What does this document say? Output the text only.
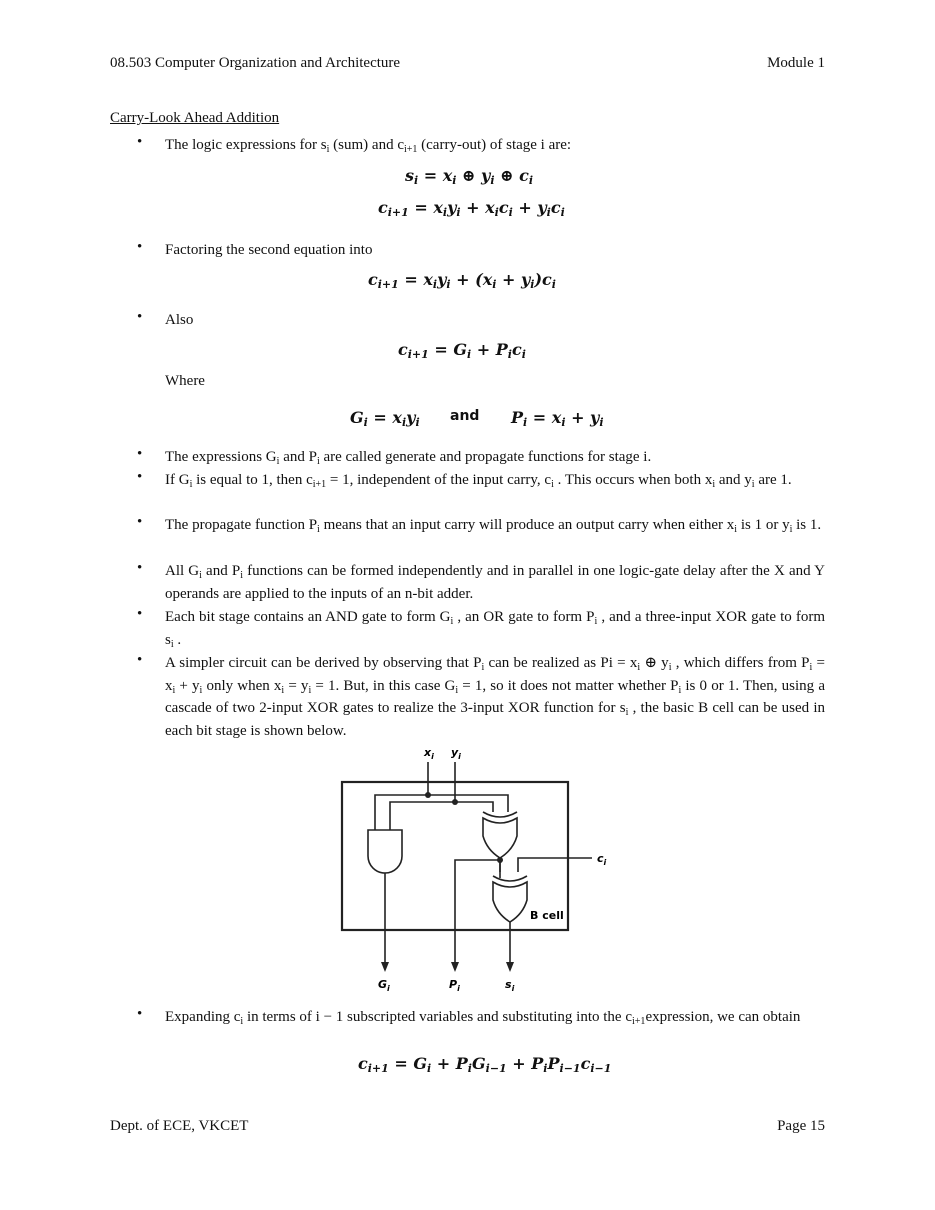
08.503 Computer Organization and Architecture	Module 1
Carry-Look Ahead Addition
• The logic expressions for $s_i$ (sum) and $c_{i+1}$ (carry-out) of stage i are:
$s_i = x_i$ ⊕ $y_i$ ⊕ $c_i$
$c_{i+1} = x_iy_i + x_ic_i + y_ic_i$
• Factoring the second equation into
$c_{i+1} = x_iy_i + (x_i + y_i)c_i$
• Also
$c_{i+1} = G_i + P_ic_i$
Where
$G_i = x_iy_i$ and $P_i = x_i + y_i$
• The expressions $G_i$ and $P_i$ are called generate and propagate functions for stage i.
• If $G_i$ is equal to 1, then $c_{i+1} = 1$, independent of the input carry, $c_i$ . This occurs when both $x_i$ and $y_i$ are 1.
• The propagate function $P_i$ means that an input carry will produce an output carry when either $x_i$ is 1 or $y_i$ is 1.
• All $G_i$ and $P_i$ functions can be formed independently and in parallel in one logic-gate delay after the X and Y operands are applied to the inputs of an n-bit adder.
• Each bit stage contains an AND gate to form $G_i$ , an OR gate to form $P_i$ , and a three-input XOR gate to form $s_i$ .
• A simpler circuit can be derived by observing that $P_i$ can be realized as $Pi = x_i$ ⊕ $y_i$ , which differs from $P_i = x_i + y_i$ only when $x_i = y_i = 1$. But, in this case $G_i = 1$, so it does not matter whether $P_i$ is 0 or 1. Then, using a cascade of two 2-input XOR gates to realize the 3-input XOR function for $s_i$ , the basic B cell can be used in each bit stage is shown below.
$x_i$ $y_i$
$c_i$
$G_i$	$P_i$	$s_i$
B cell
• Expanding $c_i$ in terms of i − 1 subscripted variables and substituting into the $c_{i+1}expression$, we can obtain
$c_{i+1} = G_i + P_iG_{i-1} + P_iP_{i-1}c_{i-1}$
Dept. of ECE, VKCET	Page 15
